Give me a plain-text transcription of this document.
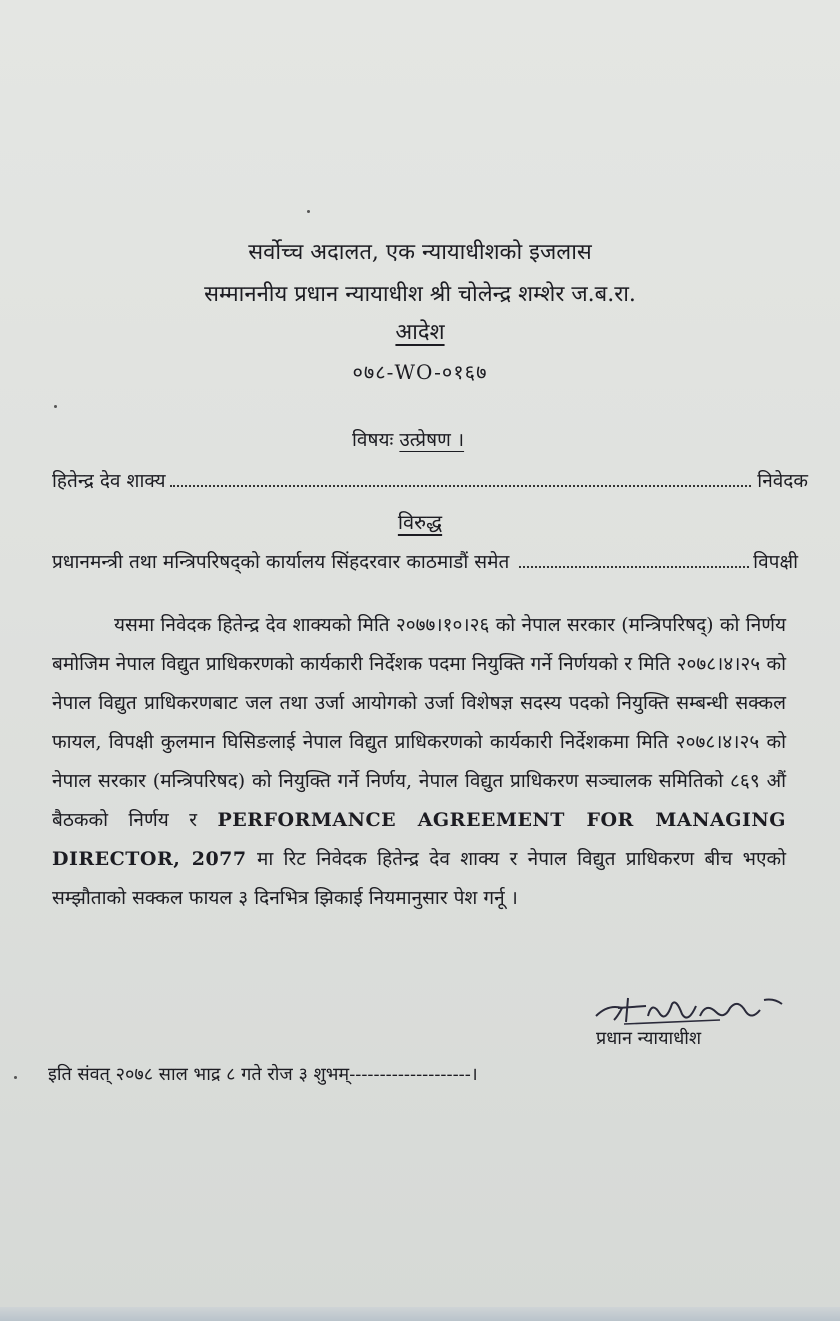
सर्वोच्च अदालत, एक न्यायाधीशको इजलास
सम्माननीय प्रधान न्यायाधीश श्री चोलेन्द्र शम्शेर ज.ब.रा.
आदेश
०७८-WO-०१६७
विषयः उत्प्रेषण ।
हितेन्द्र देव शाक्य	निवेदक
विरुद्ध
प्रधानमन्त्री तथा मन्त्रिपरिषद्को कार्यालय सिंहदरवार काठमाडौं समेत	विपक्षी
यसमा निवेदक हितेन्द्र देव शाक्यको मिति २०७७।१०।२६ को नेपाल सरकार (मन्त्रिपरिषद्) को निर्णय बमोजिम नेपाल विद्युत प्राधिकरणको कार्यकारी निर्देशक पदमा नियुक्ति गर्ने निर्णयको र मिति २०७८।४।२५ को नेपाल विद्युत प्राधिकरणबाट जल तथा उर्जा आयोगको उर्जा विशेषज्ञ सदस्य पदको नियुक्ति सम्बन्धी सक्कल फायल, विपक्षी कुलमान घिसिङलाई नेपाल विद्युत प्राधिकरणको कार्यकारी निर्देशकमा मिति २०७८।४।२५ को नेपाल सरकार (मन्त्रिपरिषद) को नियुक्ति गर्ने निर्णय, नेपाल विद्युत प्राधिकरण सञ्चालक समितिको ८६९ औं बैठकको निर्णय र PERFORMANCE AGREEMENT FOR MANAGING DIRECTOR, 2077 मा रिट निवेदक हितेन्द्र देव शाक्य र नेपाल विद्युत प्राधिकरण बीच भएको सम्झौताको सक्कल फायल ३ दिनभित्र झिकाई नियमानुसार पेश गर्नू ।
प्रधान न्यायाधीश
इति संवत् २०७८ साल भाद्र ८ गते रोज ३ शुभम्--------------------।
